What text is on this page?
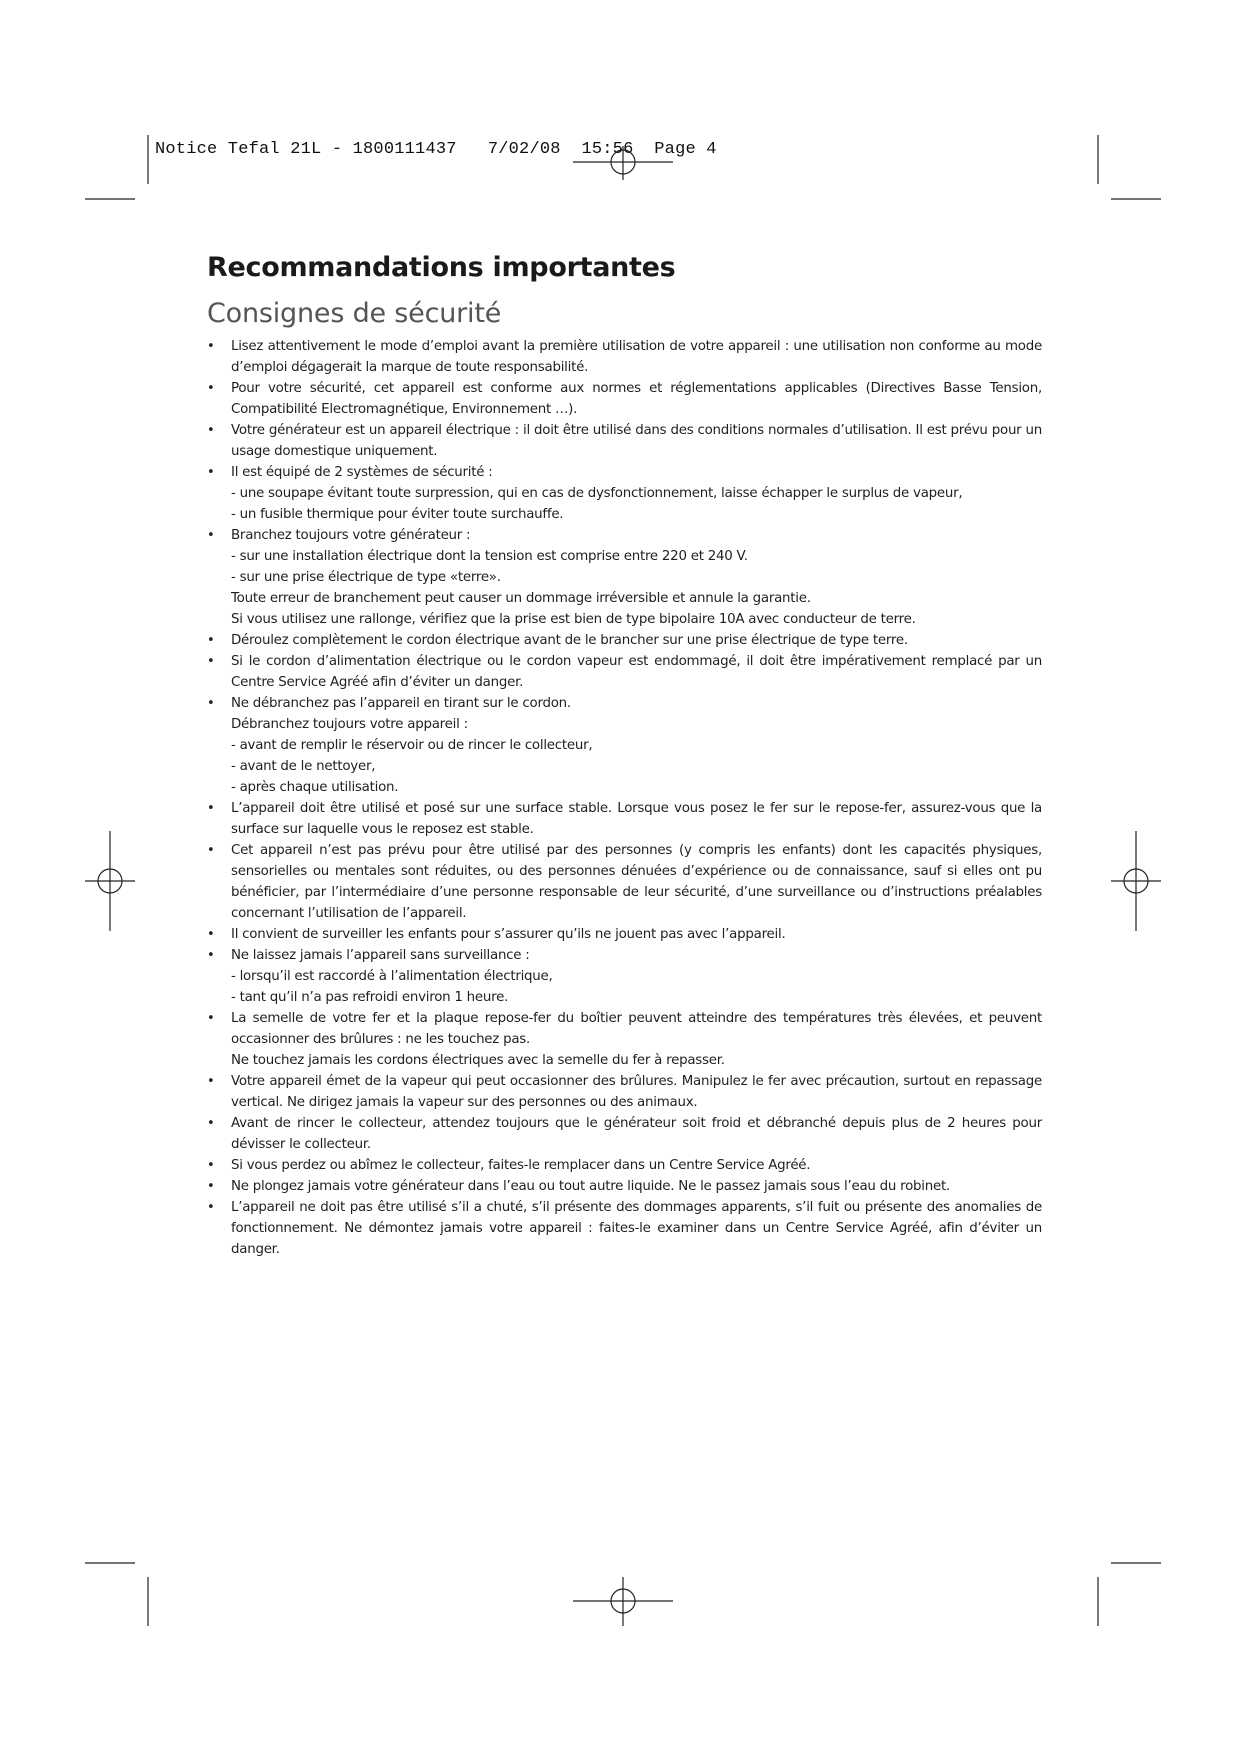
Notice Tefal 21L - 1800111437   7/02/08  15:56  Page 4
Recommandations importantes
Consignes de sécurité
• Lisez attentivement le mode d’emploi avant la première utilisation de votre appareil : une utilisation non conforme au mode d’emploi dégagerait la marque de toute responsabilité.
• Pour votre sécurité, cet appareil est conforme aux normes et réglementations applicables (Directives Basse Tension, Compatibilité Electromagnétique, Environnement …).
• Votre générateur est un appareil électrique : il doit être utilisé dans des conditions normales d’utilisation. Il est prévu pour un usage domestique uniquement.
• Il est équipé de 2 systèmes de sécurité :
- une soupape évitant toute surpression, qui en cas de dysfonctionnement, laisse échapper le surplus de vapeur,
- un fusible thermique pour éviter toute surchauffe.
• Branchez toujours votre générateur :
- sur une installation électrique dont la tension est comprise entre 220 et 240 V.
- sur une prise électrique de type «terre».
Toute erreur de branchement peut causer un dommage irréversible et annule la garantie.
Si vous utilisez une rallonge, vérifiez que la prise est bien de type bipolaire 10A avec conducteur de terre.
• Déroulez complètement le cordon électrique avant de le brancher sur une prise électrique de type terre.
• Si le cordon d’alimentation électrique ou le cordon vapeur est endommagé, il doit être impérativement remplacé par un Centre Service Agréé afin d’éviter un danger.
• Ne débranchez pas l’appareil en tirant sur le cordon.
Débranchez toujours votre appareil :
- avant de remplir le réservoir ou de rincer le collecteur,
- avant de le nettoyer,
- après chaque utilisation.
• L’appareil doit être utilisé et posé sur une surface stable. Lorsque vous posez le fer sur le repose-fer, assurez-vous que la surface sur laquelle vous le reposez est stable.
• Cet appareil n’est pas prévu pour être utilisé par des personnes (y compris les enfants) dont les capacités physiques, sensorielles ou mentales sont réduites, ou des personnes dénuées d’expérience ou de connaissance, sauf si elles ont pu bénéficier, par l’intermédiaire d’une personne responsable de leur sécurité, d’une surveillance ou d’instructions préalables concernant l’utilisation de l’appareil.
• Il convient de surveiller les enfants pour s’assurer qu’ils ne jouent pas avec l’appareil.
• Ne laissez jamais l’appareil sans surveillance :
- lorsqu’il est raccordé à l’alimentation électrique,
- tant qu’il n’a pas refroidi environ 1 heure.
• La semelle de votre fer et la plaque repose-fer du boîtier peuvent atteindre des températures très élevées, et peuvent occasionner des brûlures : ne les touchez pas.
Ne touchez jamais les cordons électriques avec la semelle du fer à repasser.
• Votre appareil émet de la vapeur qui peut occasionner des brûlures. Manipulez le fer avec précaution, surtout en repassage vertical. Ne dirigez jamais la vapeur sur des personnes ou des animaux.
• Avant de rincer le collecteur, attendez toujours que le générateur soit froid et débranché depuis plus de 2 heures pour dévisser le collecteur.
• Si vous perdez ou abîmez le collecteur, faites-le remplacer dans un Centre Service Agréé.
• Ne plongez jamais votre générateur dans l’eau ou tout autre liquide. Ne le passez jamais sous l’eau du robinet.
• L’appareil ne doit pas être utilisé s’il a chuté, s’il présente des dommages apparents, s’il fuit ou présente des anomalies de fonctionnement. Ne démontez jamais votre appareil : faites-le examiner dans un Centre Service Agréé, afin d’éviter un danger.
